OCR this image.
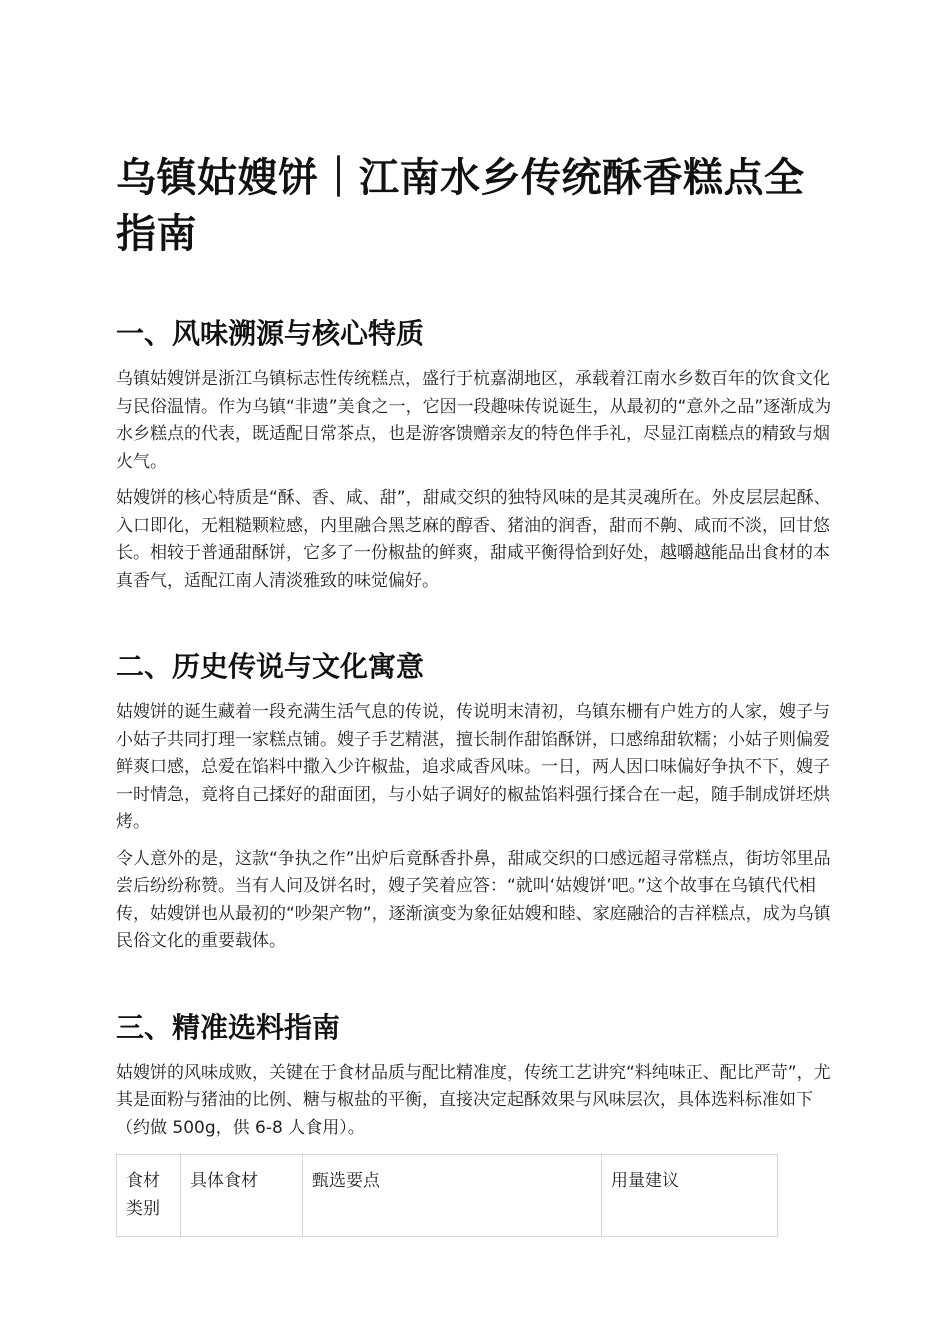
乌镇姑嫂饼｜江南水乡传统酥香糕点全指南
一、风味溯源与核心特质

乌镇姑嫂饼是浙江乌镇标志性传统糕点，盛行于杭嘉湖地区，承载着江南水乡数百年的饮食文化与民俗温情。作为乌镇“非遗”美食之一，它因一段趣味传说诞生，从最初的“意外之品”逐渐成为水乡糕点的代表，既适配日常茶点，也是游客馈赠亲友的特色伴手礼，尽显江南糕点的精致与烟火气。

姑嫂饼的核心特质是“酥、香、咸、甜”，甜咸交织的独特风味的是其灵魂所在。外皮层层起酥、入口即化，无粗糙颗粒感，内里融合黑芝麻的醇香、猪油的润香，甜而不齁、咸而不淡，回甘悠长。相较于普通甜酥饼，它多了一份椒盐的鲜爽，甜咸平衡得恰到好处，越嚼越能品出食材的本真香气，适配江南人清淡雅致的味觉偏好。

二、历史传说与文化寓意

姑嫂饼的诞生藏着一段充满生活气息的传说，传说明末清初，乌镇东栅有户姓方的人家，嫂子与小姑子共同打理一家糕点铺。嫂子手艺精湛，擅长制作甜馅酥饼，口感绵甜软糯；小姑子则偏爱鲜爽口感，总爱在馅料中撒入少许椒盐，追求咸香风味。一日，两人因口味偏好争执不下，嫂子一时情急，竟将自己揉好的甜面团，与小姑子调好的椒盐馅料强行揉合在一起，随手制成饼坯烘烤。

令人意外的是，这款“争执之作”出炉后竟酥香扑鼻，甜咸交织的口感远超寻常糕点，街坊邻里品尝后纷纷称赞。当有人问及饼名时，嫂子笑着应答：“就叫‘姑嫂饼’吧。”这个故事在乌镇代代相传，姑嫂饼也从最初的“吵架产物”，逐渐演变为象征姑嫂和睦、家庭融洽的吉祥糕点，成为乌镇民俗文化的重要载体。

三、精准选料指南

姑嫂饼的风味成败，关键在于食材品质与配比精准度，传统工艺讲究“料纯味正、配比严苛”，尤其是面粉与猪油的比例、糖与椒盐的平衡，直接决定起酥效果与风味层次，具体选料标准如下（约做 500g，供 6-8 人食用）。

食材类别	具体食材	甄选要点	用量建议
